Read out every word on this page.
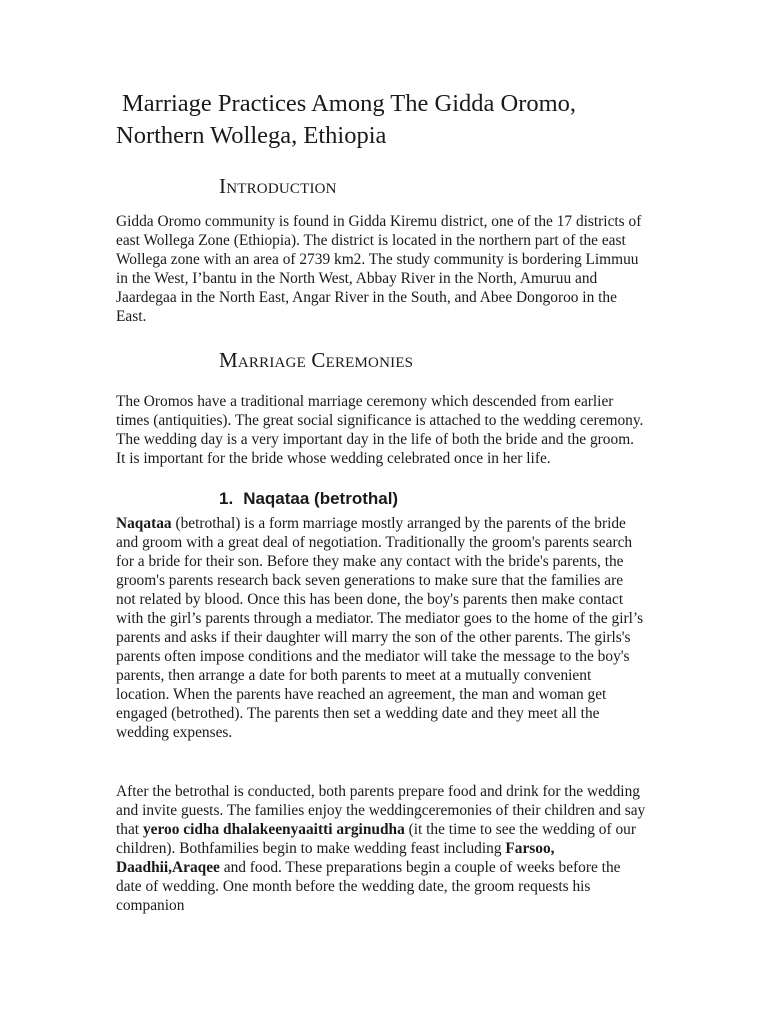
Marriage Practices Among The Gidda Oromo,
Northern Wollega, Ethiopia
Introduction

Gidda Oromo community is found in Gidda Kiremu district, one of the 17 districts of east Wollega Zone (Ethiopia). The district is located in the northern part of the east Wollega zone with an area of 2739 km2. The study community is bordering Limmuu in the West, I’bantu in the North West, Abbay River in the North, Amuruu and Jaardegaa in the North East, Angar River in the South, and Abee Dongoroo in the East.

Marriage Ceremonies

The Oromos have a traditional marriage ceremony which descended from earlier times (antiquities). The great social significance is attached to the wedding ceremony. The wedding day is a very important day in the life of both the bride and the groom. It is important for the bride whose wedding celebrated once in her life.

1. Naqataa (betrothal)

Naqataa (betrothal) is a form marriage mostly arranged by the parents of the bride and groom with a great deal of negotiation. Traditionally the groom's parents search for a bride for their son. Before they make any contact with the bride's parents, the groom's parents research back seven generations to make sure that the families are not related by blood. Once this has been done, the boy's parents then make contact with the girl’s parents through a mediator. The mediator goes to the home of the girl’s parents and asks if their daughter will marry the son of the other parents. The girls's parents often impose conditions and the mediator will take the message to the boy's parents, then arrange a date for both parents to meet at a mutually convenient location. When the parents have reached an agreement, the man and woman get engaged (betrothed). The parents then set a wedding date and they meet all the wedding expenses.

After the betrothal is conducted, both parents prepare food and drink for the wedding and invite guests. The families enjoy the weddingceremonies of their children and say that yeroo cidha dhalakeenyaaitti arginudha (it the time to see the wedding of our children). Bothfamilies begin to make wedding feast including Farsoo, Daadhii,Araqee and food. These preparations begin a couple of weeks before the date of wedding. One month before the wedding date, the groom requests his companion
